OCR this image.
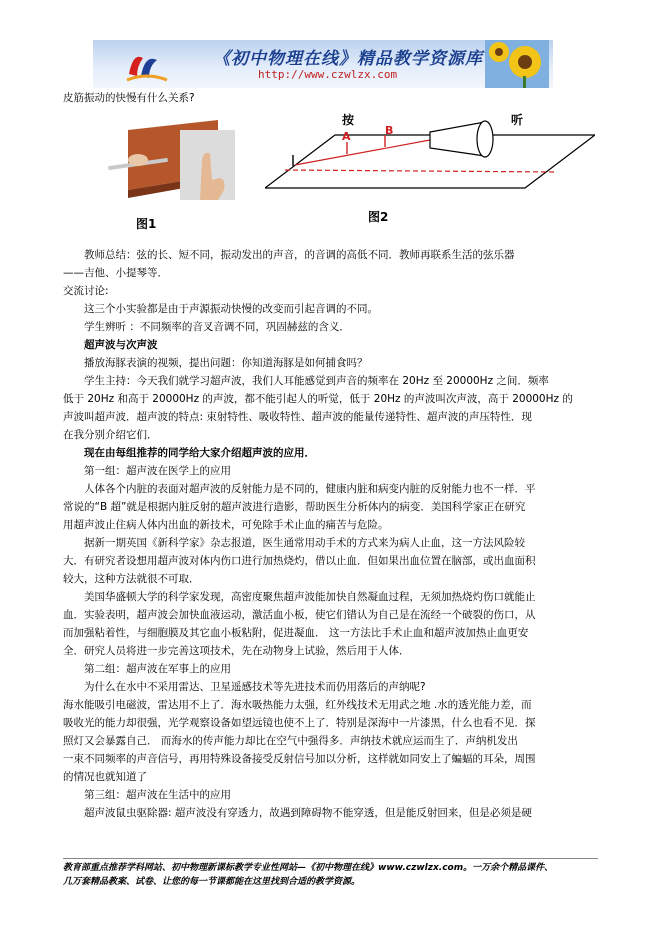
《初中物理在线》精品教学资源库
http://www.czwlzx.com
皮筋振动的快慢有什么关系?
图1
按	听
A	B
图2
教师总结：弦的长、短不同，振动发出的声音，的音调的高低不同．教师再联系生活的弦乐器
——吉他、小提琴等．
交流讨论:
这三个小实验都是由于声源振动快慢的改变而引起音调的不同。
学生辨听 ：不同频率的音叉音调不同，巩固赫兹的含义．
超声波与次声波
播放海豚表演的视频，提出问题：你知道海豚是如何捕食吗？
学生主持：今天我们就学习超声波，我们人耳能感觉到声音的频率在 20Hz 至 20000Hz 之间．频率
低于 20Hz 和高于 20000Hz 的声波，都不能引起人的听觉，低于 20Hz 的声波叫次声波，高于 20000Hz 的
声波叫超声波．超声波的特点: 束射特性、吸收特性、超声波的能量传递特性、超声波的声压特性．现
在我分别介绍它们．
现在由每组推荐的同学给大家介绍超声波的应用．
第一组：超声波在医学上的应用
人体各个内脏的表面对超声波的反射能力是不同的，健康内脏和病变内脏的反射能力也不一样．平
常说的“B 超”就是根据内脏反射的超声波进行造影，帮助医生分析体内的病变．美国科学家正在研究
用超声波止住病人体内出血的新技术，可免除手术止血的痛苦与危险。
据新一期英国《新科学家》杂志报道，医生通常用动手术的方式来为病人止血，这一方法风险较
大．有研究者设想用超声波对体内伤口进行加热烧灼，借以止血．但如果出血位置在脑部，或出血面积
较大，这种方法就很不可取．
美国华盛顿大学的科学家发现，高密度聚焦超声波能加快自然凝血过程，无须加热烧灼伤口就能止
血．实验表明，超声波会加快血液运动，激活血小板，使它们错认为自己是在流经一个破裂的伤口，从
而加强粘着性，与细胞膜及其它血小板粘附，促进凝血． 这一方法比手术止血和超声波加热止血更安
全．研究人员将进一步完善这项技术，先在动物身上试验，然后用于人体．
第二组：超声波在军事上的应用
为什么在水中不采用雷达、卫星遥感技术等先进技术而仍用落后的声纳呢?
海水能吸引电磁波，雷达用不上了．海水吸热能力太强，红外线技术无用武之地 .水的透光能力差，而
吸收光的能力却很强，光学观察设备如望远镜也使不上了．特别是深海中一片漆黑，什么也看不见．探
照灯又会暴露自己． 而海水的传声能力却比在空气中强得多．声纳技术就应运而生了．声纳机发出
一束不同频率的声音信号，再用特殊设备接受反射信号加以分析，这样就如同安上了蝙蝠的耳朵，周围
的情况也就知道了
第三组：超声波在生活中的应用
超声波鼠虫驱除器: 超声波没有穿透力，故遇到障碍物不能穿透，但是能反射回来，但是必须是硬
教育部重点推荐学科网站、初中物理新课标教学专业性网站—《初中物理在线》www.czwlzx.com。一万余个精品课件、
几万套精品教案、试卷、让您的每一节课都能在这里找到合适的教学资源。
